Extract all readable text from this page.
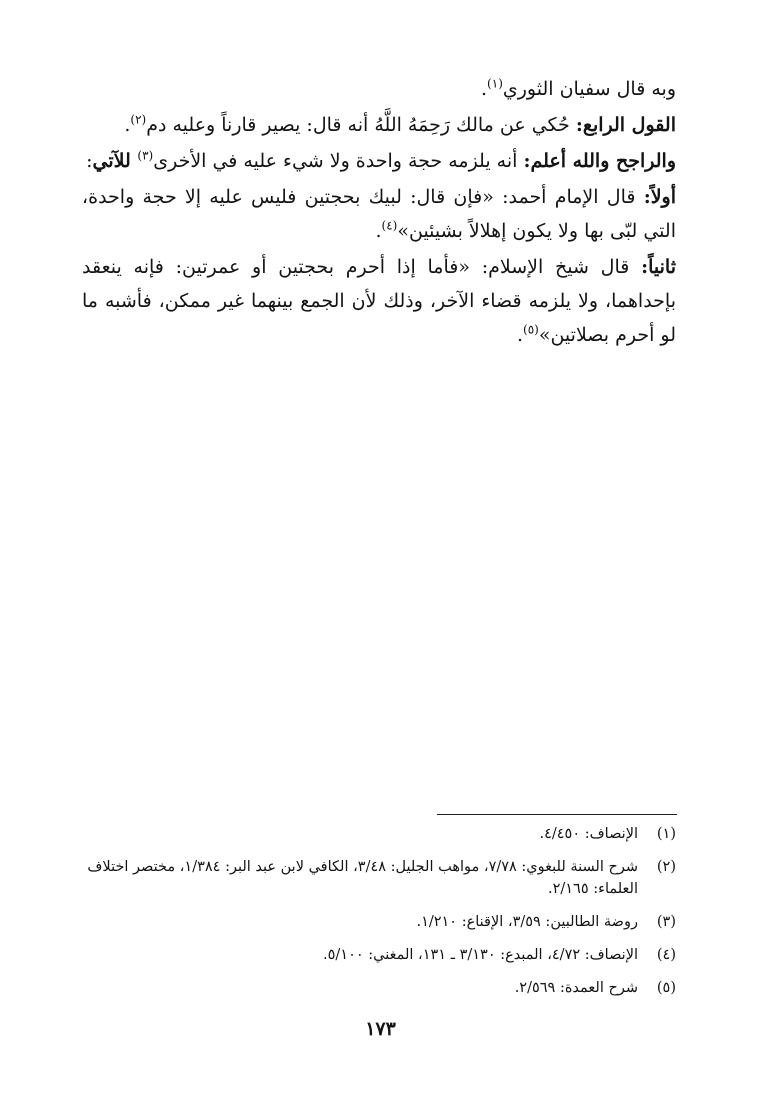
وبه قال سفيان الثوري$^{(١)}$.

القول الرابع: حُكي عن مالك رَحِمَهُ اللَّهُ أنه قال: يصير قارناً وعليه دم$^{(٢)}$.

والراجح والله أعلم: أنه يلزمه حجة واحدة ولا شيء عليه في الأخرى$^{(٣)}$ للآتي:

أولاً: قال الإمام أحمد: «فإن قال: لبيك بحجتين فليس عليه إلا حجة واحدة، التي لبّى بها ولا يكون إهلالاً بشيئين»$^{(٤)}$.

ثانياً: قال شيخ الإسلام: «فأما إذا أحرم بحجتين أو عمرتين: فإنه ينعقد بإحداهما، ولا يلزمه قضاء الآخر، وذلك لأن الجمع بينهما غير ممكن، فأشبه ما لو أحرم بصلاتين»$^{(٥)}$.

(١)
الإنصاف: ٤/٤٥٠.
(٢)
شرح السنة للبغوي: ٧/٧٨، مواهب الجليل: ٣/٤٨، الكافي لابن عبد البر: ١/٣٨٤، مختصر اختلاف العلماء: ٢/١٦٥.
(٣)
روضة الطالبين: ٣/٥٩، الإقناع: ١/٢١٠.
(٤)
الإنصاف: ٤/٧٢، المبدع: ٣/١٣٠ ـ ١٣١، المغني: ٥/١٠٠.
(٥)
شرح العمدة: ٢/٥٦٩.
١٧٣
